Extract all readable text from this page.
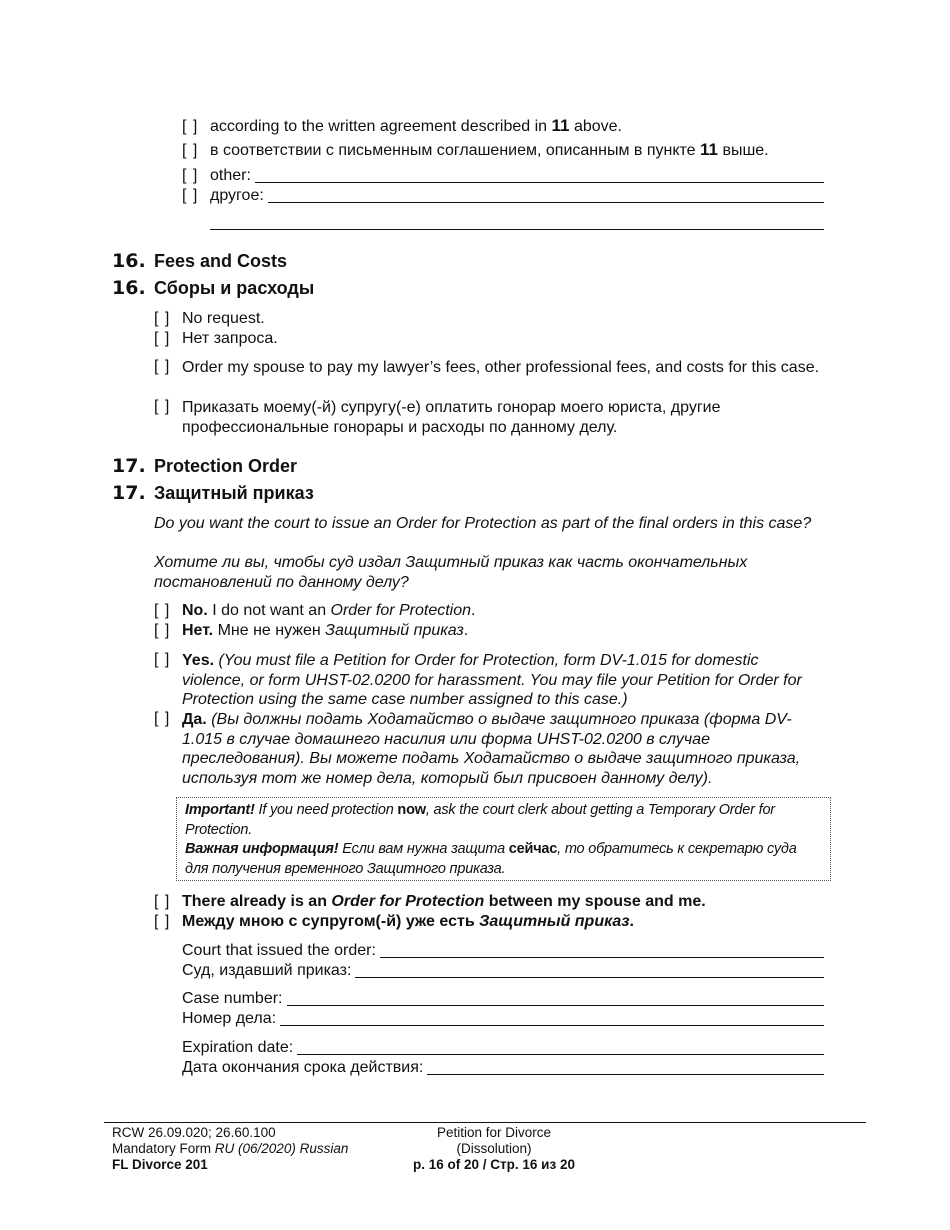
[ ] according to the written agreement described in 11 above.
[ ] в соответствии с письменным соглашением, описанным в пункте 11 выше.
[ ] other:
[ ] другое:
16. Fees and Costs
16. Сборы и расходы
[ ] No request.
[ ] Нет запроса.
[ ] Order my spouse to pay my lawyer’s fees, other professional fees, and costs for this case.
[ ] Приказать моему(-й) супругу(-е) оплатить гонорар моего юриста, другие профессиональные гонорары и расходы по данному делу.
17. Protection Order
17. Защитный приказ
Do you want the court to issue an Order for Protection as part of the final orders in this case?
Хотите ли вы, чтобы суд издал Защитный приказ как часть окончательных постановлений по данному делу?
[ ] No. I do not want an Order for Protection.
[ ] Нет. Мне не нужен Защитный приказ.
[ ] Yes. (You must file a Petition for Order for Protection, form DV-1.015 for domestic violence, or form UHST-02.0200 for harassment. You may file your Petition for Order for Protection using the same case number assigned to this case.)
[ ] Да. (Вы должны подать Ходатайство о выдаче защитного приказа (форма DV-1.015 в случае домашнего насилия или форма UHST-02.0200 в случае преследования). Вы можете подать Ходатайство о выдаче защитного приказа, используя тот же номер дела, который был присвоен данному делу).
Important! If you need protection now, ask the court clerk about getting a Temporary Order for Protection.
Важная информация! Если вам нужна защита сейчас, то обратитесь к секретарю суда для получения временного Защитного приказа.
[ ] There already is an Order for Protection between my spouse and me.
[ ] Между мною с супругом(-й) уже есть Защитный приказ.
Court that issued the order:
Суд, издавший приказ:
Case number:
Номер дела:
Expiration date:
Дата окончания срока действия:
RCW 26.09.020; 26.60.100
Mandatory Form RU (06/2020) Russian
FL Divorce 201
Petition for Divorce
(Dissolution)
p. 16 of 20 / Стр. 16 из 20
